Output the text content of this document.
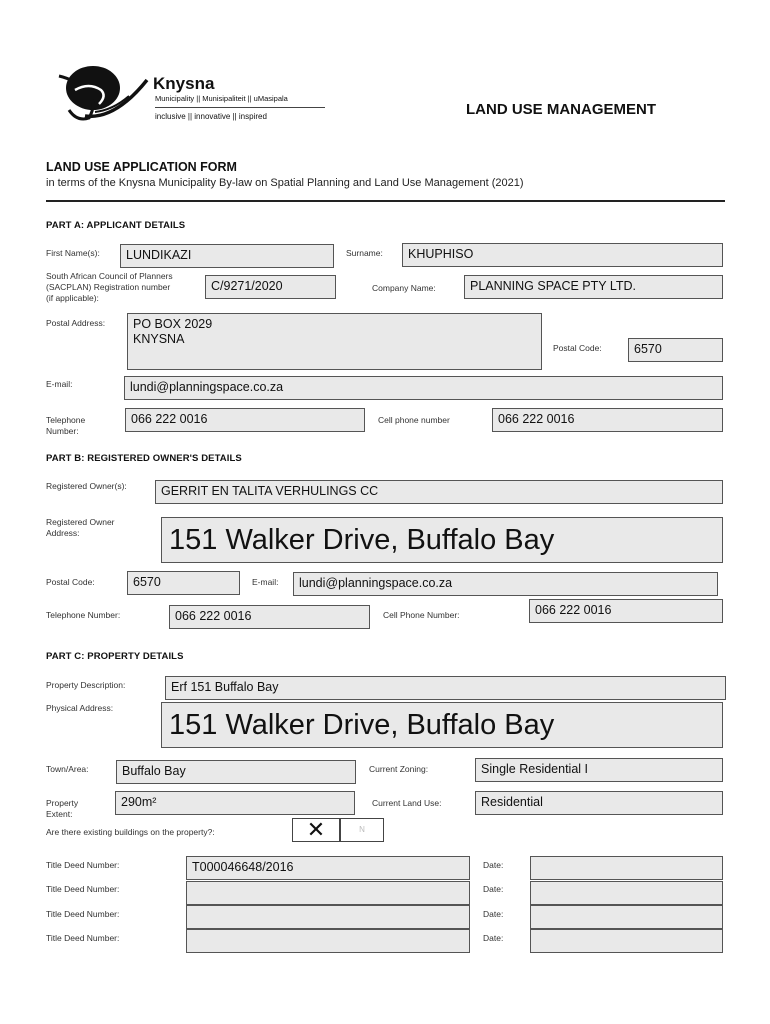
Knysna
Municipality || Munisipaliteit || uMasipala
inclusive || innovative || inspired	LAND USE MANAGEMENT
LAND USE APPLICATION FORM
in terms of the Knysna Municipality By-law on Spatial Planning and Land Use Management (2021)
PART A: APPLICANT DETAILS
First Name(s):	LUNDIKAZI	Surname:	KHUPHISO
South African Council of Planners
(SACPLAN) Registration number
(if applicable):
C/9271/2020	Company Name:	PLANNING SPACE PTY LTD.
Postal Address:	PO BOX 2029
KNYSNA
Postal Code:	6570
E-mail:	lundi@planningspace.co.za
Telephone
Number:
066 222 0016	Cell phone number	066 222 0016
PART B: REGISTERED OWNER'S DETAILS
Registered Owner(s):	GERRIT EN TALITA VERHULINGS CC
Registered Owner
Address:	151 Walker Drive, Buffalo Bay
Postal Code:	6570	E-mail:	lundi@planningspace.co.za
Telephone Number:	066 222 0016	Cell Phone Number:	066 222 0016
PART C: PROPERTY DETAILS
Property Description:	Erf 151 Buffalo Bay
Physical Address:
151 Walker Drive, Buffalo Bay
Town/Area:	Buffalo Bay	Current Zoning:	Single Residential I
Property
Extent:
290m²	Current Land Use:	Residential
Are there existing buildings on the property?:	✕	N
Title Deed Number:	T000046648/2016	Date:
Title Deed Number:	Date:
Title Deed Number:	Date:
Title Deed Number:	Date:
